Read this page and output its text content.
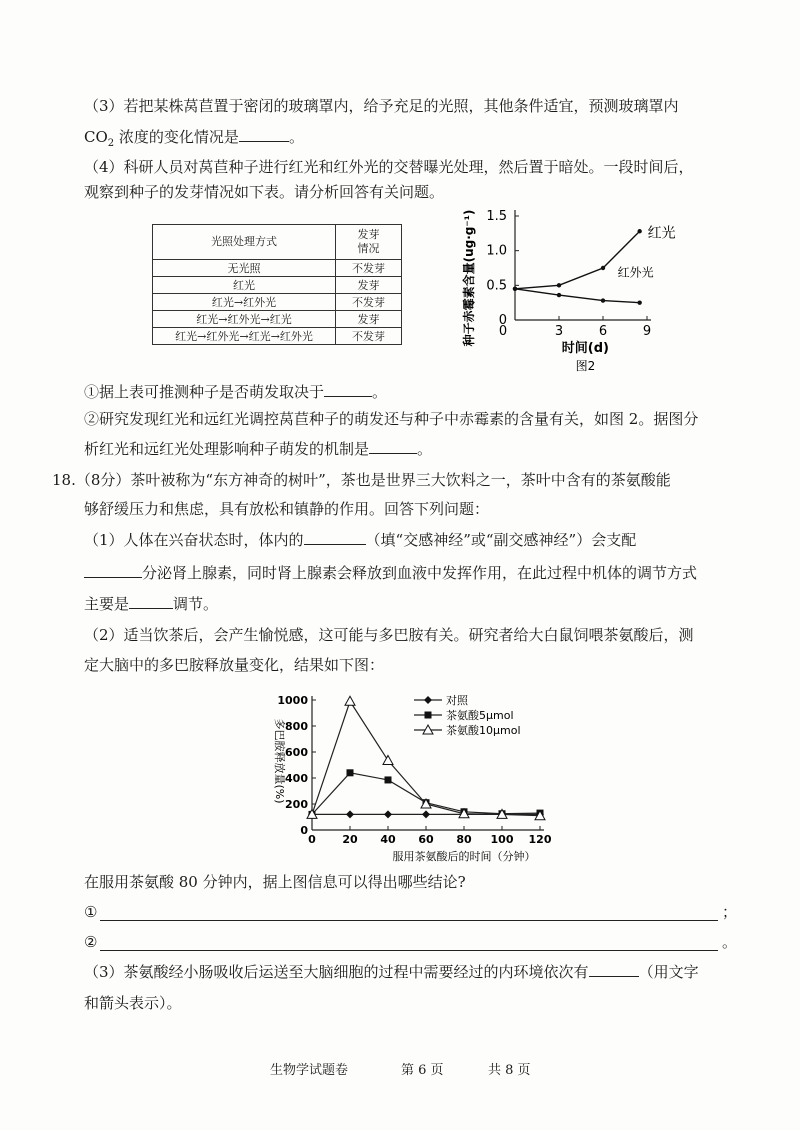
（3）若把某株莴苣置于密闭的玻璃罩内，给予充足的光照，其他条件适宜，预测玻璃罩内
$CO_2$ 浓度的变化情况是	。
（4）科研人员对莴苣种子进行红光和红外光的交替曝光处理，然后置于暗处。一段时间后，
观察到种子的发芽情况如下表。请分析回答有关问题。
光照处理方式	发芽
情况
无光照	不发芽
红光	发芽
红光→红外光	不发芽
红光→红外光→红光	发芽
红光→红外光→红光→红外光	不发芽
0
0.5
1.0
1.5
0	3	6	9
时间(d)
图2
种子赤霉素含量(ug·g⁻¹)	红光
红外光
①据上表可推测种子是否萌发取决于	。
②研究发现红光和远红光调控莴苣种子的萌发还与种子中赤霉素的含量有关，如图 2。据图分
析红光和远红光处理影响种子萌发的机制是	。
18.（8分）茶叶被称为“东方神奇的树叶”，茶也是世界三大饮料之一，茶叶中含有的茶氨酸能
够舒缓压力和焦虑，具有放松和镇静的作用。回答下列问题：
（1）人体在兴奋状态时，体内的	（填“交感神经”或“副交感神经”）会支配
分泌肾上腺素，同时肾上腺素会释放到血液中发挥作用，在此过程中机体的调节方式
主要是	调节。
（2）适当饮茶后，会产生愉悦感，这可能与多巴胺有关。研究者给大白鼠饲喂茶氨酸后，测
定大脑中的多巴胺释放量变化，结果如下图：
0
200
400
600
800
1000
0 20 40 60 80 100 120
服用茶氨酸后的时间（分钟）
多巴胺释放量(%)
对照
茶氨酸5μmol
茶氨酸10μmol
在服用茶氨酸 80 分钟内，据上图信息可以得出哪些结论?
①	；
②	。
（3）茶氨酸经小肠吸收后运送至大脑细胞的过程中需要经过的内环境依次有	（用文字
和箭头表示）。
生物学试题卷	第 6 页	共 8 页
